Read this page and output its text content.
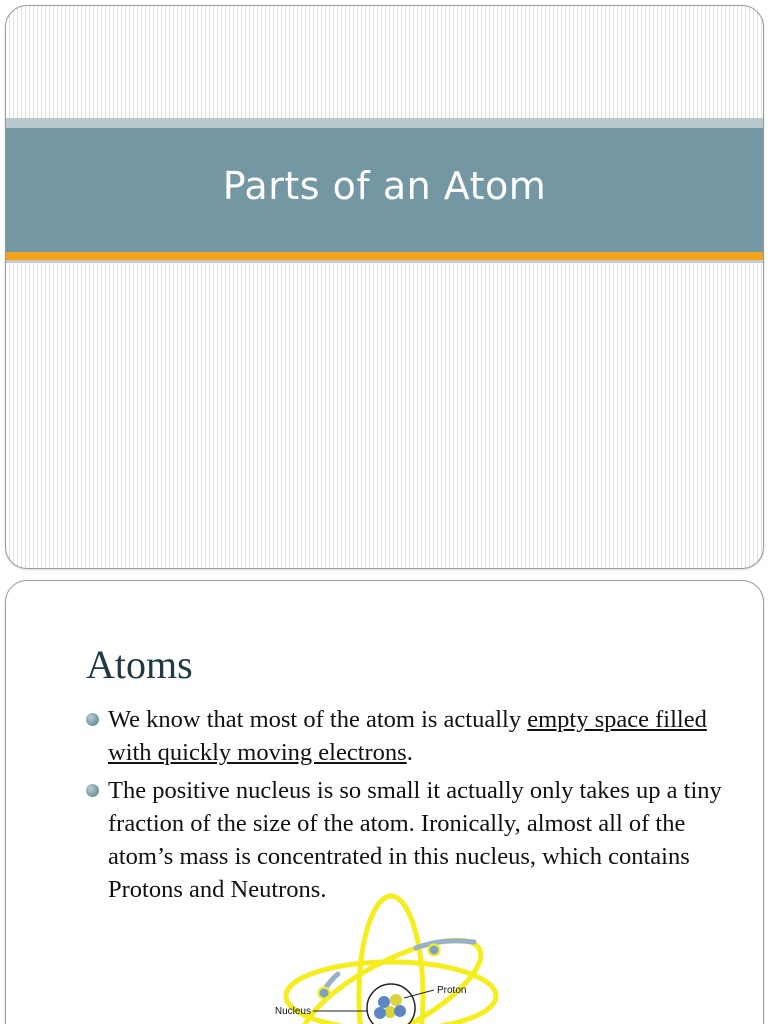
Parts of an Atom
Atoms
We know that most of the atom is actually empty space filled with quickly moving electrons.
The positive nucleus is so small it actually only takes up a tiny fraction of the size of the atom. Ironically, almost all of the atom’s mass is concentrated in this nucleus, which contains Protons and Neutrons.
Nucleus
Proton
